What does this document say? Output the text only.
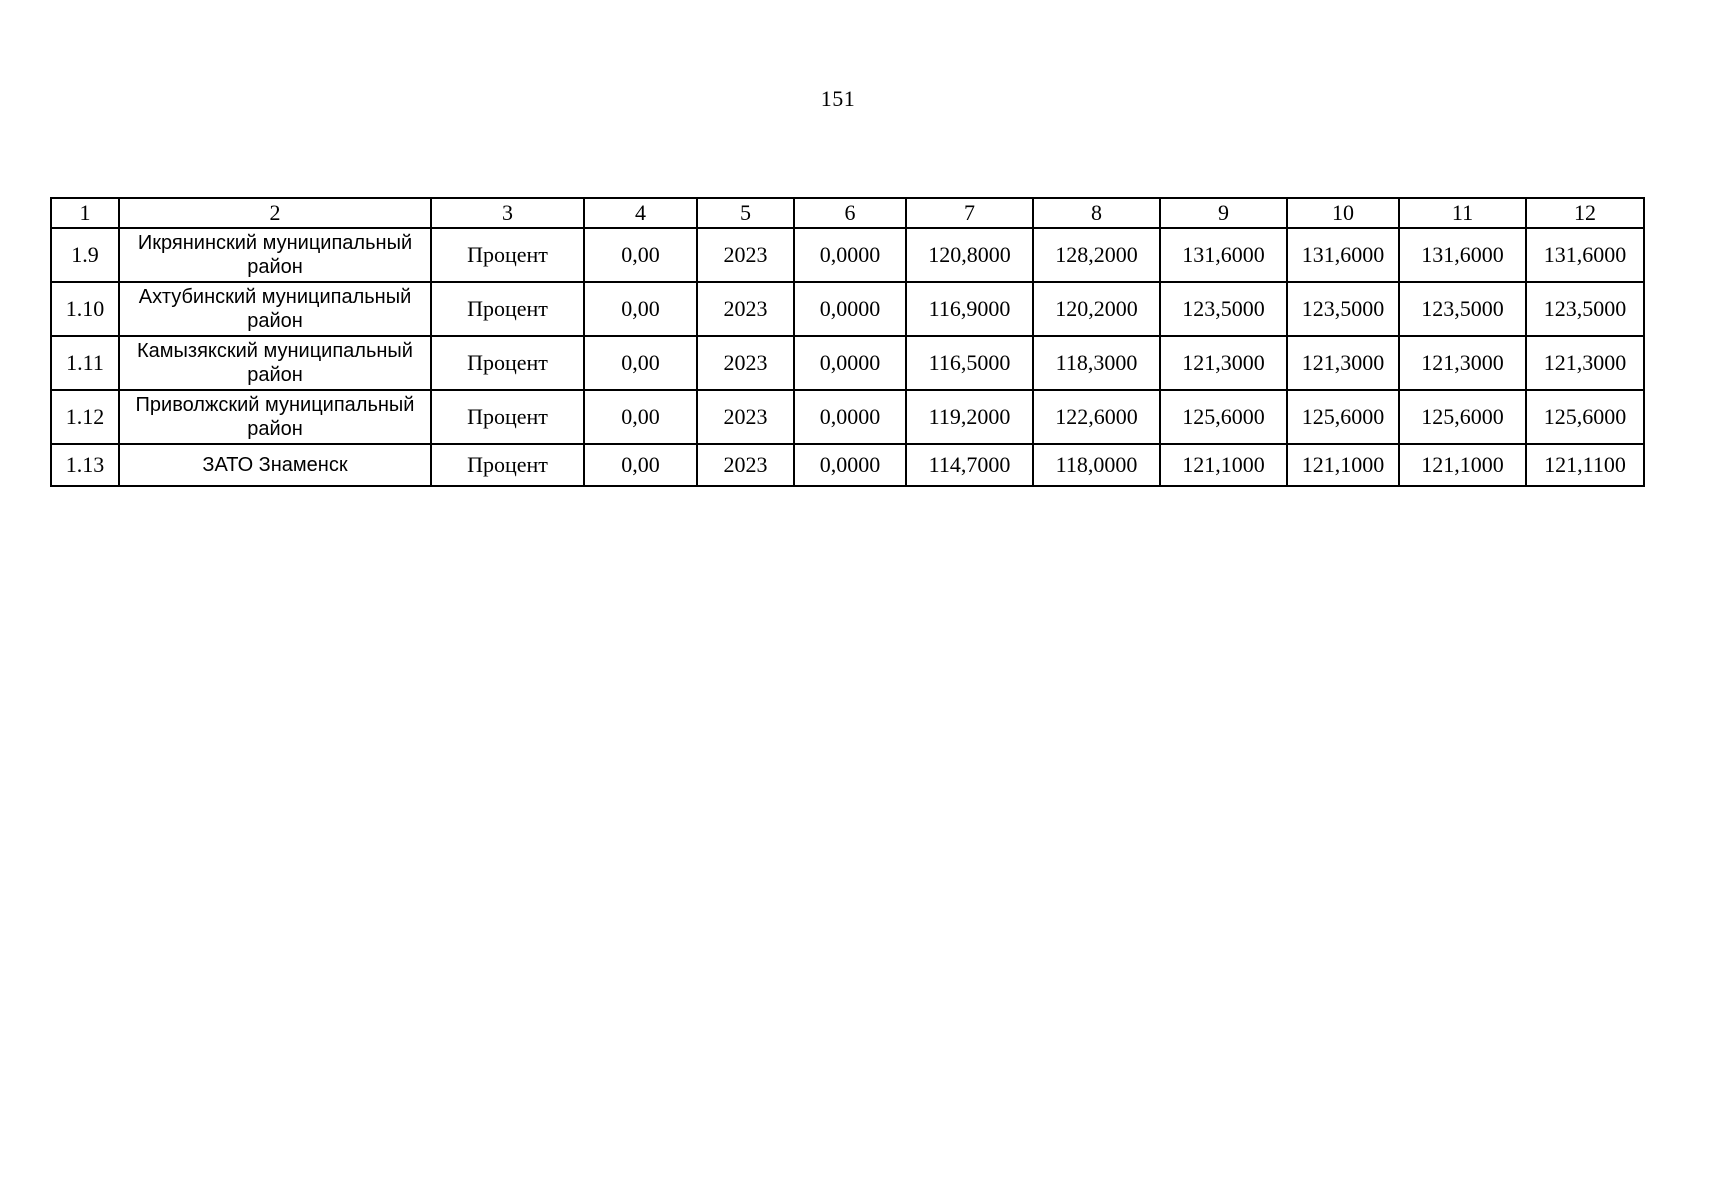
151
1	2	3	4	5	6	7	8	9	10	11	12
1.9	Икрянинский муниципальный район	Процент	0,00	2023	0,0000	120,8000	128,2000	131,6000	131,6000	131,6000	131,6000
1.10	Ахтубинский муниципальный район	Процент	0,00	2023	0,0000	116,9000	120,2000	123,5000	123,5000	123,5000	123,5000
1.11	Камызякский муниципальный район	Процент	0,00	2023	0,0000	116,5000	118,3000	121,3000	121,3000	121,3000	121,3000
1.12	Приволжский муниципальный район	Процент	0,00	2023	0,0000	119,2000	122,6000	125,6000	125,6000	125,6000	125,6000
1.13	ЗАТО Знаменск	Процент	0,00	2023	0,0000	114,7000	118,0000	121,1000	121,1000	121,1000	121,1100
